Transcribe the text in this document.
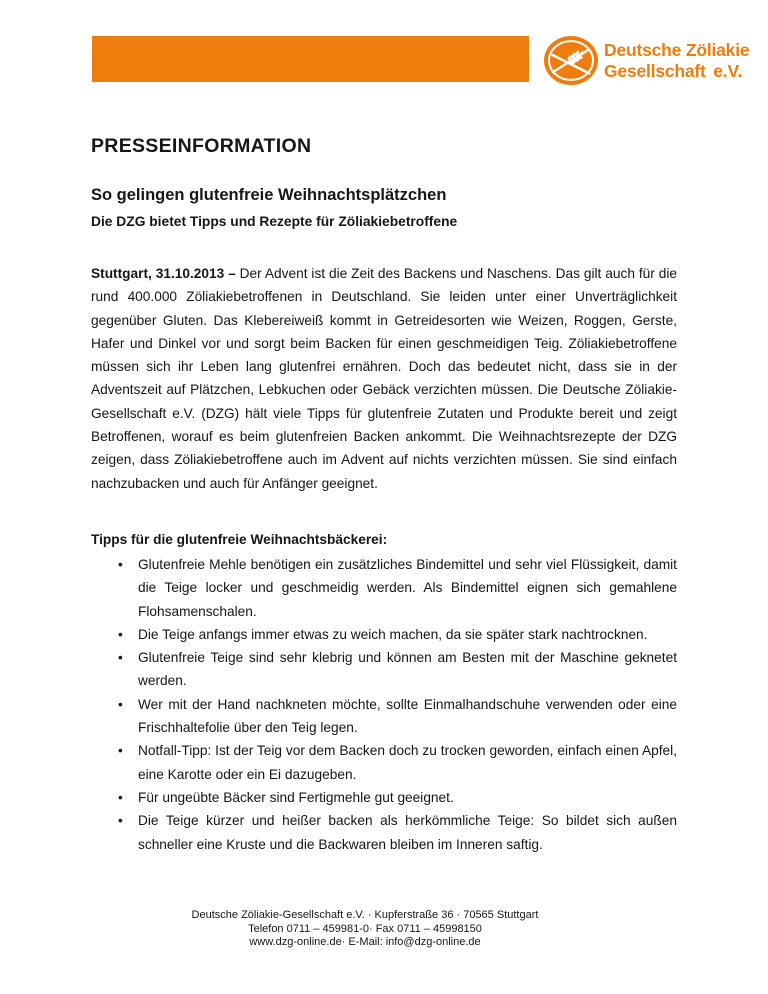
Deutsche Zöliakie
Gesellschaft e.V.
PRESSEINFORMATION
So gelingen glutenfreie Weihnachtsplätzchen
Die DZG bietet Tipps und Rezepte für Zöliakiebetroffene

Stuttgart, 31.10.2013 – Der Advent ist die Zeit des Backens und Naschens. Das gilt auch für die rund 400.000 Zöliakiebetroffenen in Deutschland. Sie leiden unter einer Unverträglichkeit gegenüber Gluten. Das Klebereiweiß kommt in Getreidesorten wie Weizen, Roggen, Gerste, Hafer und Dinkel vor und sorgt beim Backen für einen geschmeidigen Teig. Zöliakiebetroffene müssen sich ihr Leben lang glutenfrei ernähren. Doch das bedeutet nicht, dass sie in der Adventszeit auf Plätzchen, Lebkuchen oder Gebäck verzichten müssen. Die Deutsche Zöliakie-Gesellschaft e.V. (DZG) hält viele Tipps für glutenfreie Zutaten und Produkte bereit und zeigt Betroffenen, worauf es beim glutenfreien Backen ankommt. Die Weihnachtsrezepte der DZG zeigen, dass Zöliakiebetroffene auch im Advent auf nichts verzichten müssen. Sie sind einfach nachzubacken und auch für Anfänger geeignet.

Tipps für die glutenfreie Weihnachtsbäckerei:
• Glutenfreie Mehle benötigen ein zusätzliches Bindemittel und sehr viel Flüssigkeit, damit die Teige locker und geschmeidig werden. Als Bindemittel eignen sich gemahlene Flohsamenschalen.
• Die Teige anfangs immer etwas zu weich machen, da sie später stark nachtrocknen.
• Glutenfreie Teige sind sehr klebrig und können am Besten mit der Maschine geknetet werden.
• Wer mit der Hand nachkneten möchte, sollte Einmalhandschuhe verwenden oder eine Frischhaltefolie über den Teig legen.
• Notfall-Tipp: Ist der Teig vor dem Backen doch zu trocken geworden, einfach einen Apfel, eine Karotte oder ein Ei dazugeben.
• Für ungeübte Bäcker sind Fertigmehle gut geeignet.
• Die Teige kürzer und heißer backen als herkömmliche Teige: So bildet sich außen schneller eine Kruste und die Backwaren bleiben im Inneren saftig.
Deutsche Zöliakie-Gesellschaft e.V. · Kupferstraße 36 · 70565 Stuttgart
Telefon 0711 – 459981-0· Fax 0711 – 45998150
www.dzg-online.de· E-Mail: info@dzg-online.de
